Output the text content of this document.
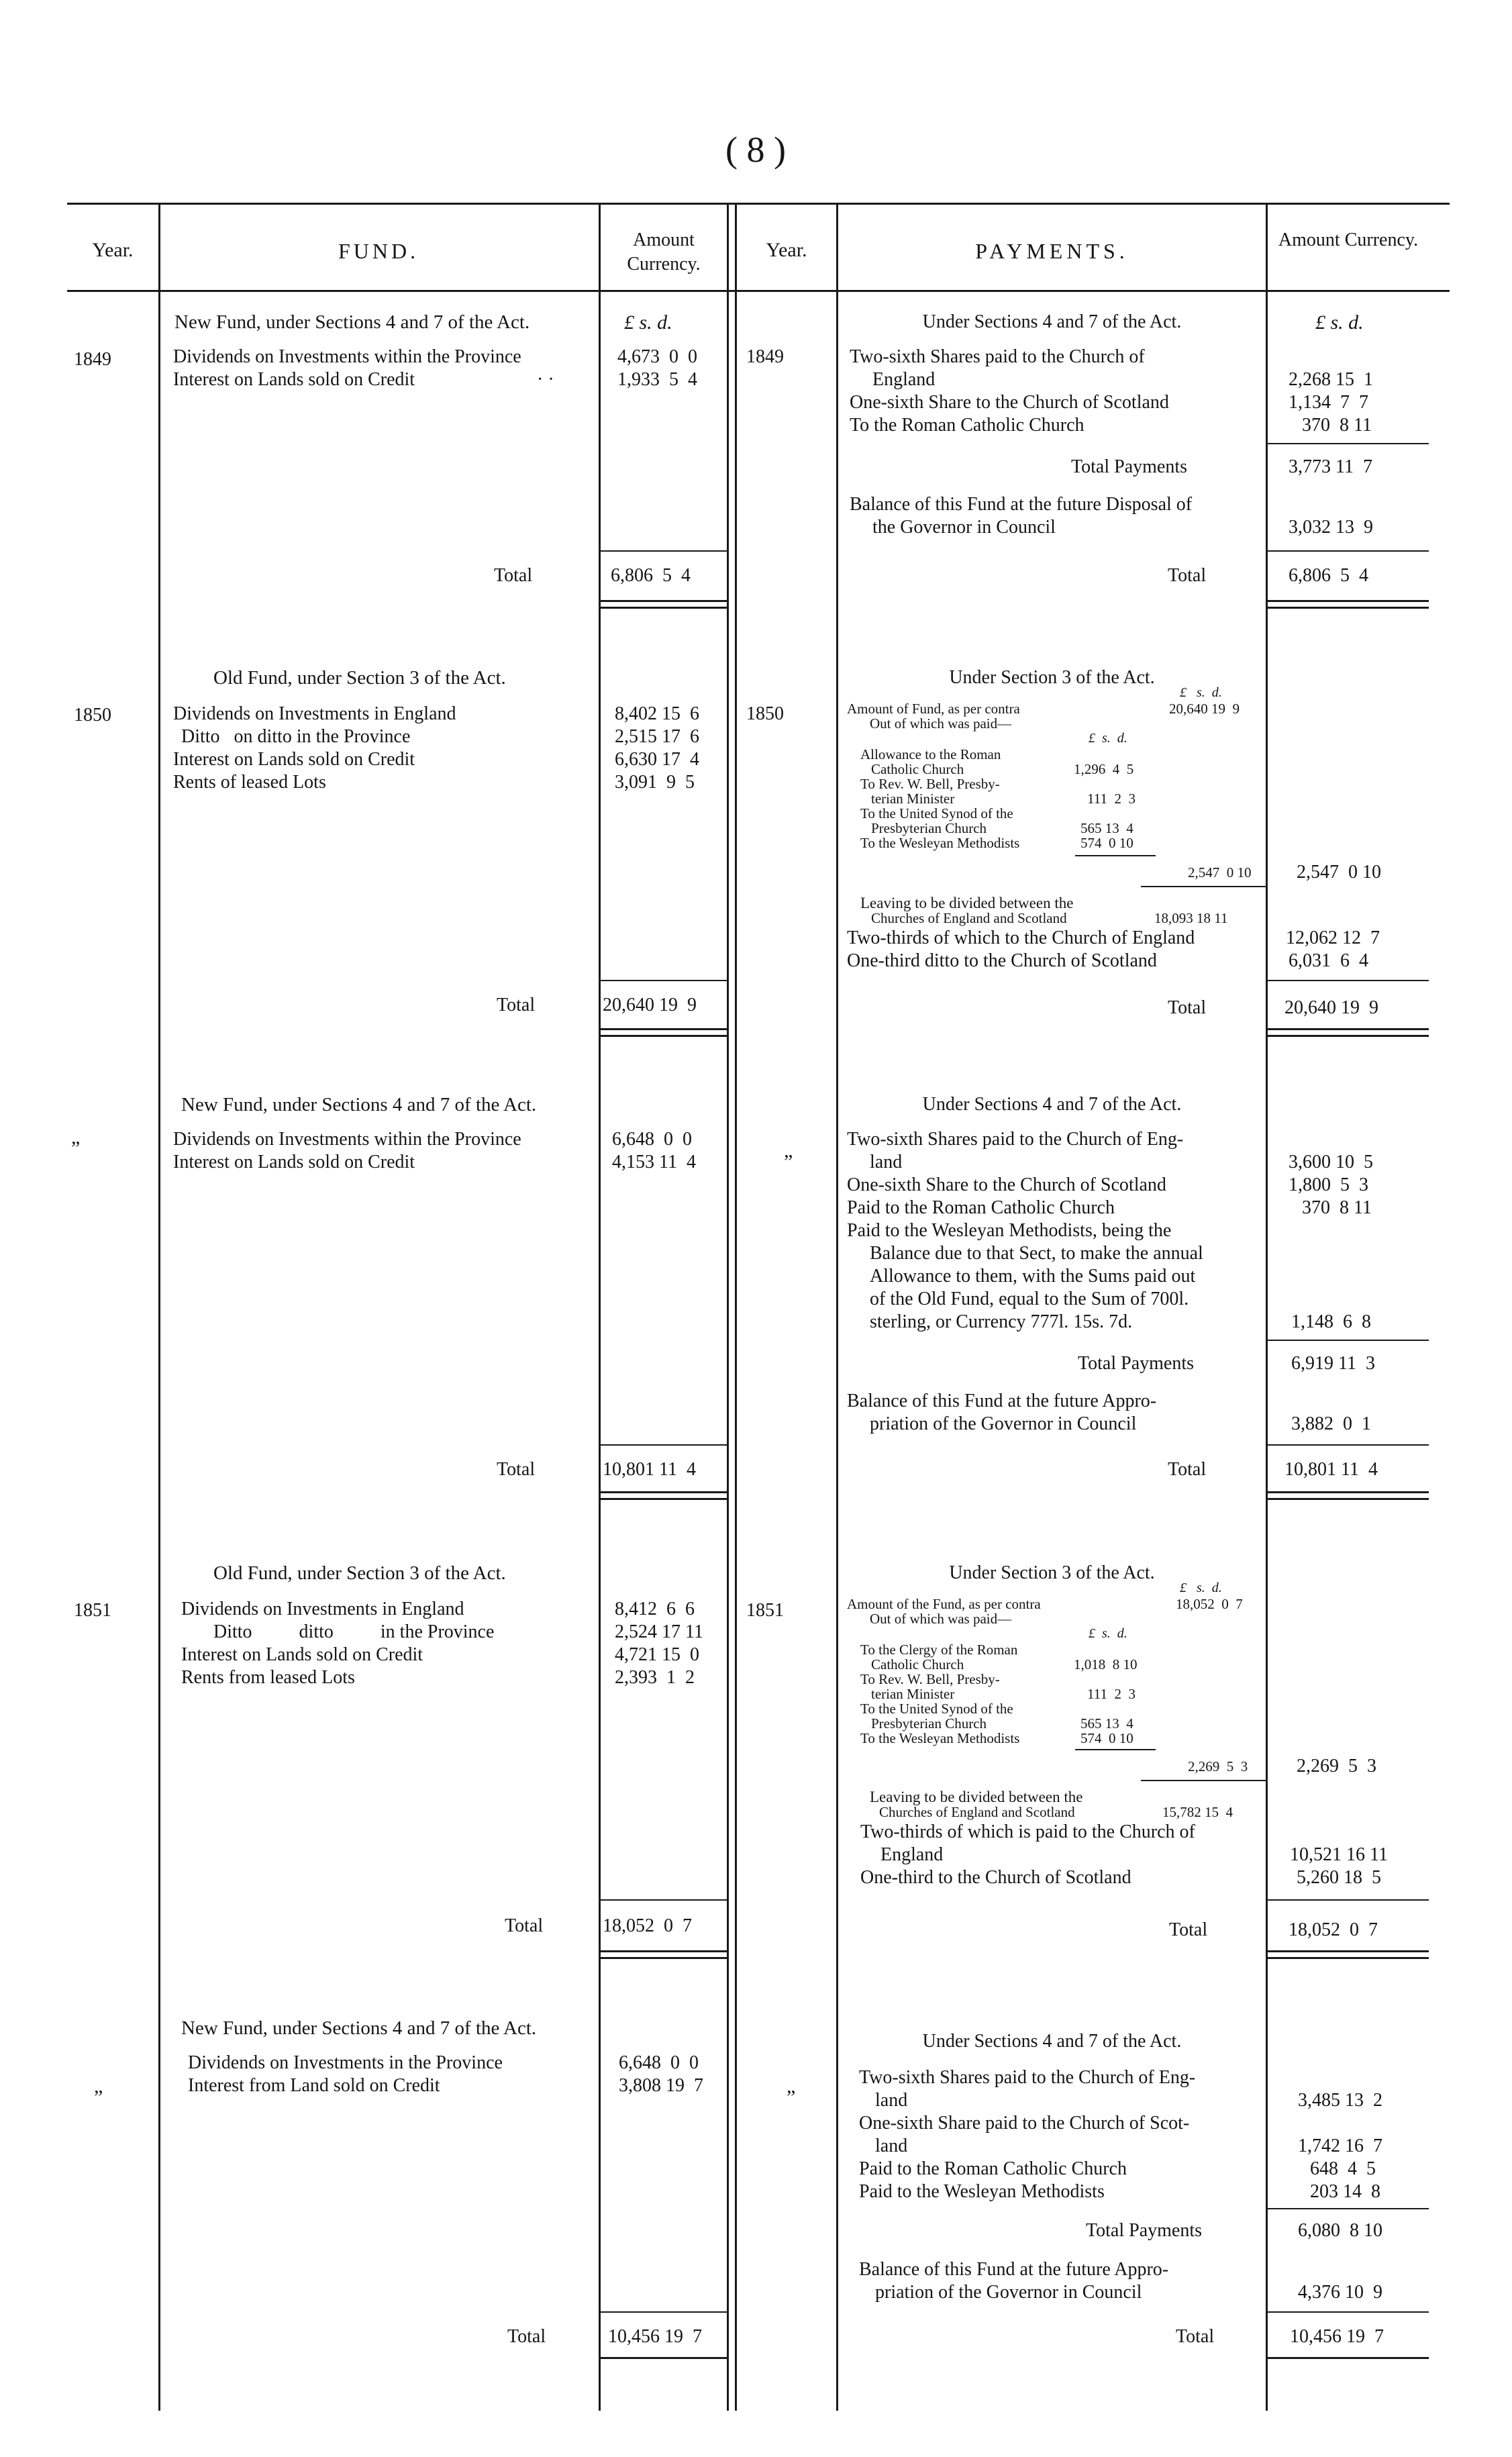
( 8 )
Year.	FUND.	Amount Currency.
Year.	PAYMENTS.	Amount Currency.
New Fund, under Sections 4 and 7 of the Act.	£ s. d.
1849	Dividends on Investments within the Province	4,673  0  0
Interest on Lands sold on Credit	· ·	1,933  5  4
1849
Under Sections 4 and 7 of the Act.	£ s. d.
Two-sixth Shares paid to the Church of
England	2,268 15  1
One-sixth Share to the Church of Scotland	1,134  7  7
To the Roman Catholic Church	370  8 11
Total Payments	3,773 11  7
Balance of this Fund at the future Disposal of
the Governor in Council	3,032 13  9
Total	6,806  5  4	Total	6,806  5  4
Old Fund, under Section 3 of the Act.
1850	Dividends on Investments in England	8,402 15  6
Ditto   on ditto in the Province	2,515 17  6
Interest on Lands sold on Credit	6,630 17  4
Rents of leased Lots	3,091  9  5
1850
Under Section 3 of the Act.
£   s.  d.
Amount of Fund, as per contra	20,640 19  9
Out of which was paid—
£  s.  d.
Allowance to the Roman
Catholic Church	1,296  4  5
To Rev. W. Bell, Presby-
terian Minister	111  2  3
To the United Synod of the
Presbyterian Church	565 13  4
To the Wesleyan Methodists	574  0 10
2,547  0 10 2,547  0 10
Leaving to be divided between the
Churches of England and Scotland	18,093 18 11
Two-thirds of which to the Church of England	12,062 12  7
One-third ditto to the Church of Scotland	6,031  6  4
Total	20,640 19  9	Total	20,640 19  9
New Fund, under Sections 4 and 7 of the Act.
„	Dividends on Investments within the Province	6,648  0  0
Interest on Lands sold on Credit	4,153 11  4
„
Under Sections 4 and 7 of the Act.
Two-sixth Shares paid to the Church of Eng-
land	3,600 10  5
One-sixth Share to the Church of Scotland	1,800  5  3
Paid to the Roman Catholic Church	370  8 11
Paid to the Wesleyan Methodists, being the
Balance due to that Sect, to make the annual
Allowance to them, with the Sums paid out
of the Old Fund, equal to the Sum of 700l.
sterling, or Currency 777l. 15s. 7d.	1,148  6  8
Total Payments	6,919 11  3
Balance of this Fund at the future Appro-
priation of the Governor in Council	3,882  0  1
Total	10,801 11  4	Total	10,801 11  4
Old Fund, under Section 3 of the Act.
1851	Dividends on Investments in England	8,412  6  6
Ditto          ditto          in the Province	2,524 17 11
Interest on Lands sold on Credit	4,721 15  0
Rents from leased Lots	2,393  1  2
1851
Under Section 3 of the Act.
£   s.  d.
Amount of the Fund, as per contra	18,052  0  7
Out of which was paid—
£  s.  d.
To the Clergy of the Roman
Catholic Church	1,018  8 10
To Rev. W. Bell, Presby-
terian Minister	111  2  3
To the United Synod of the
Presbyterian Church	565 13  4
To the Wesleyan Methodists	574  0 10
2,269  5  3	2,269  5  3
Leaving to be divided between the
Churches of England and Scotland	15,782 15  4
Two-thirds of which is paid to the Church of
England	10,521 16 11
One-third to the Church of Scotland	5,260 18  5
Total	18,052  0  7	Total	18,052  0  7
New Fund, under Sections 4 and 7 of the Act.
„
Dividends on Investments in the Province	6,648  0  0
Interest from Land sold on Credit	3,808 19  7	„
Under Sections 4 and 7 of the Act.
Two-sixth Shares paid to the Church of Eng-
land	3,485 13  2
One-sixth Share paid to the Church of Scot-
land	1,742 16  7
Paid to the Roman Catholic Church	648  4  5
Paid to the Wesleyan Methodists	203 14  8
Total Payments	6,080  8 10
Balance of this Fund at the future Appro-
priation of the Governor in Council	4,376 10  9
Total	10,456 19  7	Total	10,456 19  7
